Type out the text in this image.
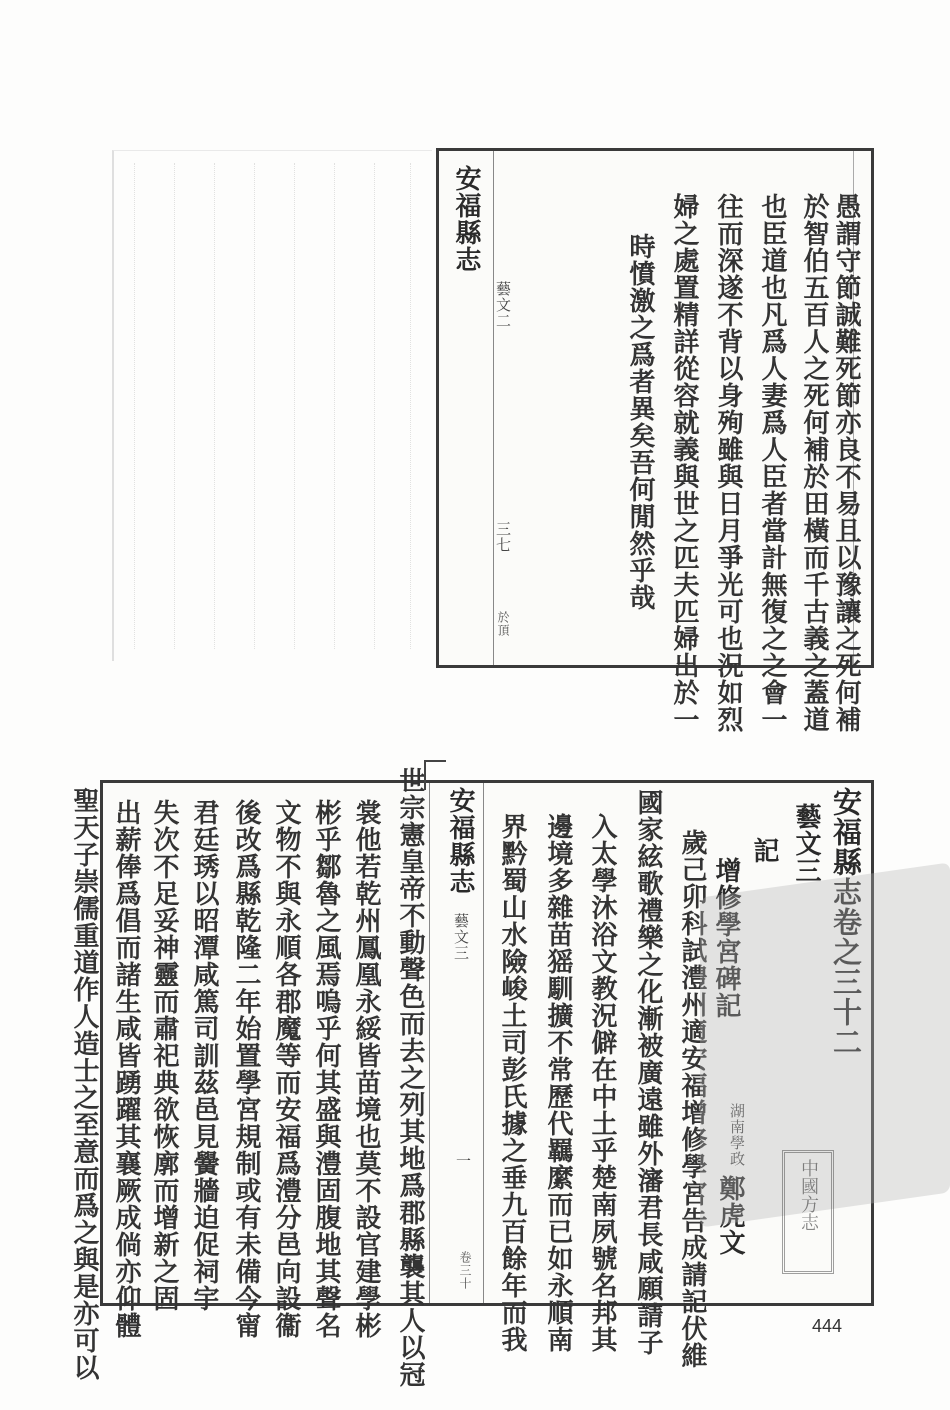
安福縣志
藝文二
三七
於頂
時憤激之爲者異矣吾何閒然乎哉 婦之處置精詳從容就義與世之匹夫匹婦出於一 往而深遂不背以身殉雖與日月爭光可也況如烈 也臣道也凡爲人妻爲人臣者當計無復之之會一 於智伯五百人之死何補於田橫而千古義之蓋道 愚謂守節誠難死節亦良不易且以豫讓之死何補
安福縣志卷之三十二
藝文三
記
增修學宮碑記
湖南學政
鄭虎文
歲己卯科試澧州適安福增修學宮告成請記伏維
國家絃歌禮樂之化漸被廣遠雖外瀋君長咸願請子
入太學沐浴文教況僻在中土乎楚南夙號名邦其
邊境多雜苗猺馴擴不常歷代羈縻而已如永順南
界黔蜀山水險峻土司彭氏據之垂九百餘年而我
安福縣志
藝文三
一
卷三十
世宗憲皇帝不動聲色而去之列其地爲郡縣襲其人以冠
裳他若乾州鳳凰永綏皆苗境也莫不設官建學彬
彬乎鄒魯之風焉嗚乎何其盛與澧固腹地其聲名
文物不與永順各郡魔等而安福爲澧分邑向設衞
後改爲縣乾隆二年始置學宮規制或有未備今甯
君廷琇以昭潭咸篤司訓茲邑見黌牆迫促祠宇
失次不足妥神靈而肅祀典欲恢廓而增新之固
出薪俸爲倡而諸生咸皆踴躍其襄厥成倘亦仰體
聖天子崇儒重道作人造士之至意而爲之與是亦可以	中國方志
444
